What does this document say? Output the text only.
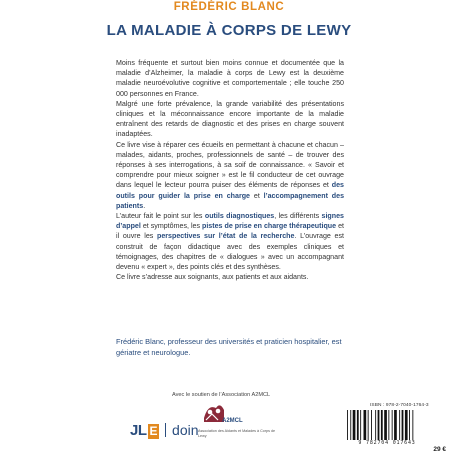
FRÉDÉRIC BLANC
LA MALADIE À CORPS DE LEWY

Moins fréquente et surtout bien moins connue et documentée que la maladie d’Alzheimer, la maladie à corps de Lewy est la deuxième maladie neuroévolutive cognitive et comportementale ; elle touche 250 000 personnes en France.

Malgré une forte prévalence, la grande variabilité des présentations cliniques et la méconnaissance encore importante de la maladie entraînent des retards de diagnostic et des prises en charge souvent inadaptées.

Ce livre vise à réparer ces écueils en permettant à chacune et chacun – malades, aidants, proches, professionnels de santé – de trouver des réponses à ses interrogations, à sa soif de connaissance. « Savoir et comprendre pour mieux soigner » est le fil conducteur de cet ouvrage dans lequel le lecteur pourra puiser des éléments de réponses et des outils pour guider la prise en charge et l’accompagnement des patients.

L’auteur fait le point sur les outils diagnostiques, les différents signes d’appel et symptômes, les pistes de prise en charge thérapeutique et il ouvre les perspectives sur l’état de la recherche. L’ouvrage est construit de façon didactique avec des exemples cliniques et témoignages, des chapitres de « dialogues » avec un accompagnant devenu « expert », des points clés et des synthèses.

Ce livre s’adresse aux soignants, aux patients et aux aidants.

Frédéric Blanc, professeur des universités et praticien hospitalier, est gériatre et neurologue.
Avec le soutien de l’Association A2MCL
JL E doin
A2MCL
Association des Aidants et Malades à Corps de Lewy
ISBN : 978-2-7040-1764-3
9 782704 017643
29 €
